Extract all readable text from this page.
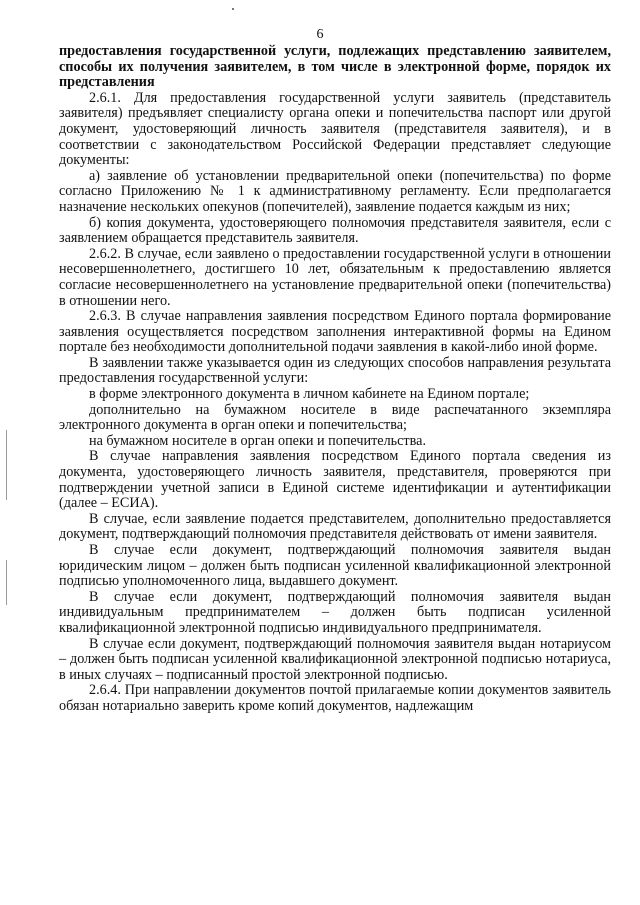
6

предоставления государственной услуги, подлежащих представлению заявителем, способы их получения заявителем, в том числе в электронной форме, порядок их представления

2.6.1. Для предоставления государственной услуги заявитель (представитель заявителя) предъявляет специалисту органа опеки и попечительства паспорт или другой документ, удостоверяющий личность заявителя (представителя заявителя), и в соответствии с законодательством Российской Федерации представляет следующие документы:

а) заявление об установлении предварительной опеки (попечительства) по форме согласно Приложению № 1 к административному регламенту. Если предполагается назначение нескольких опекунов (попечителей), заявление подается каждым из них;

б) копия документа, удостоверяющего полномочия представителя заявителя, если с заявлением обращается представитель заявителя.

2.6.2. В случае, если заявлено о предоставлении государственной услуги в отношении несовершеннолетнего, достигшего 10 лет, обязательным к предоставлению является согласие несовершеннолетнего на установление предварительной опеки (попечительства) в отношении него.

2.6.3. В случае направления заявления посредством Единого портала формирование заявления осуществляется посредством заполнения интерактивной формы на Едином портале без необходимости дополнительной подачи заявления в какой-либо иной форме.

В заявлении также указывается один из следующих способов направления результата предоставления государственной услуги:

в форме электронного документа в личном кабинете на Едином портале;

дополнительно на бумажном носителе в виде распечатанного экземпляра электронного документа в орган опеки и попечительства;

на бумажном носителе в орган опеки и попечительства.

В случае направления заявления посредством Единого портала сведения из документа, удостоверяющего личность заявителя, представителя, проверяются при подтверждении учетной записи в Единой системе идентификации и аутентификации (далее – ЕСИА).

В случае, если заявление подается представителем, дополнительно предоставляется документ, подтверждающий полномочия представителя действовать от имени заявителя.

В случае если документ, подтверждающий полномочия заявителя выдан юридическим лицом – должен быть подписан усиленной квалификационной электронной подписью уполномоченного лица, выдавшего документ.

В случае если документ, подтверждающий полномочия заявителя выдан индивидуальным предпринимателем – должен быть подписан усиленной квалификационной электронной подписью индивидуального предпринимателя.

В случае если документ, подтверждающий полномочия заявителя выдан нотариусом – должен быть подписан усиленной квалификационной электронной подписью нотариуса, в иных случаях – подписанный простой электронной подписью.

2.6.4. При направлении документов почтой прилагаемые копии документов заявитель обязан нотариально заверить кроме копий документов, надлежащим
